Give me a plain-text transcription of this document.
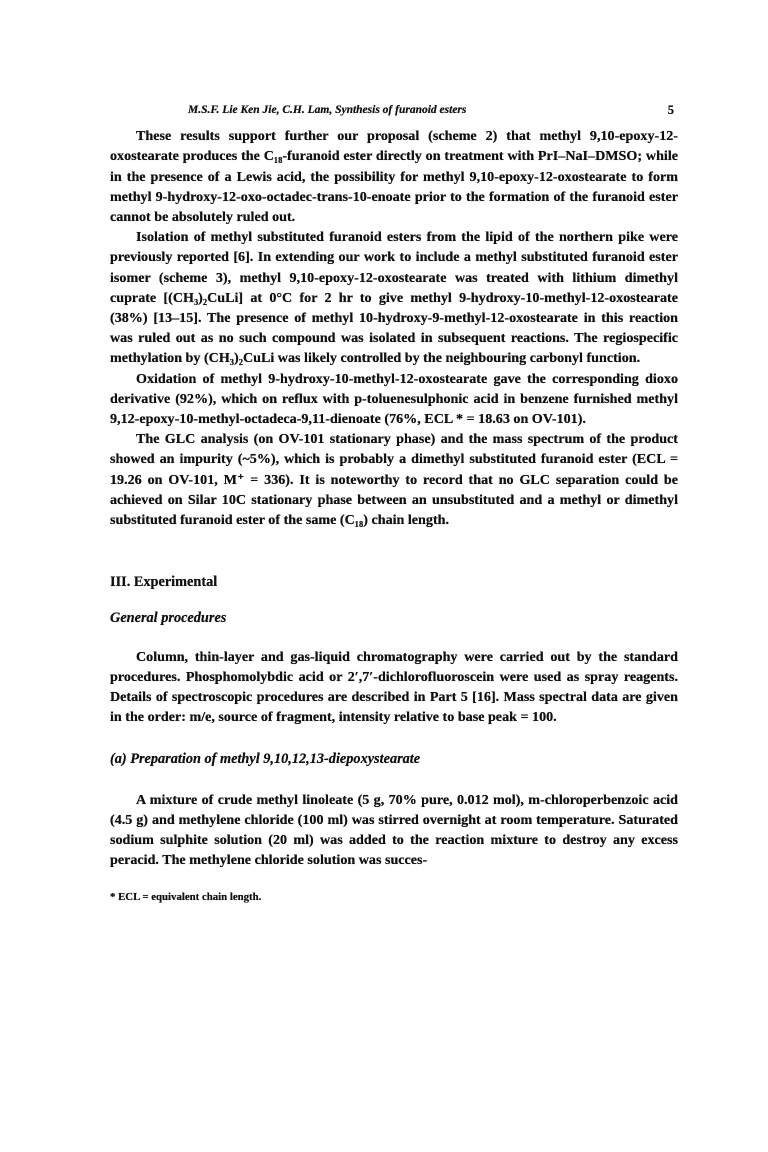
M.S.F. Lie Ken Jie, C.H. Lam, Synthesis of furanoid esters	5

These results support further our proposal (scheme 2) that methyl 9,10-epoxy-12-oxostearate produces the C₁₈-furanoid ester directly on treatment with PrI–NaI–DMSO; while in the presence of a Lewis acid, the possibility for methyl 9,10-epoxy-12-oxostearate to form methyl 9-hydroxy-12-oxo-octadec-trans-10-enoate prior to the formation of the furanoid ester cannot be absolutely ruled out.

Isolation of methyl substituted furanoid esters from the lipid of the northern pike were previously reported [6]. In extending our work to include a methyl substituted furanoid ester isomer (scheme 3), methyl 9,10-epoxy-12-oxostearate was treated with lithium dimethyl cuprate [(CH₃)₂CuLi] at 0°C for 2 hr to give methyl 9-hydroxy-10-methyl-12-oxostearate (38%) [13–15]. The presence of methyl 10-hydroxy-9-methyl-12-oxostearate in this reaction was ruled out as no such compound was isolated in subsequent reactions. The regiospecific methylation by (CH₃)₂CuLi was likely controlled by the neighbouring carbonyl function.

Oxidation of methyl 9-hydroxy-10-methyl-12-oxostearate gave the corresponding dioxo derivative (92%), which on reflux with p-toluenesulphonic acid in benzene furnished methyl 9,12-epoxy-10-methyl-octadeca-9,11-dienoate (76%, ECL * = 18.63 on OV-101).

The GLC analysis (on OV-101 stationary phase) and the mass spectrum of the product showed an impurity (~5%), which is probably a dimethyl substituted furanoid ester (ECL = 19.26 on OV-101, M⁺ = 336). It is noteworthy to record that no GLC separation could be achieved on Silar 10C stationary phase between an unsubstituted and a methyl or dimethyl substituted furanoid ester of the same (C₁₈) chain length.

III. Experimental
General procedures

Column, thin-layer and gas-liquid chromatography were carried out by the standard procedures. Phosphomolybdic acid or 2′,7′-dichlorofluoroscein were used as spray reagents. Details of spectroscopic procedures are described in Part 5 [16]. Mass spectral data are given in the order: m/e, source of fragment, intensity relative to base peak = 100.

(a) Preparation of methyl 9,10,12,13-diepoxystearate

A mixture of crude methyl linoleate (5 g, 70% pure, 0.012 mol), m-chloroperbenzoic acid (4.5 g) and methylene chloride (100 ml) was stirred overnight at room temperature. Saturated sodium sulphite solution (20 ml) was added to the reaction mixture to destroy any excess peracid. The methylene chloride solution was succes-

* ECL = equivalent chain length.
